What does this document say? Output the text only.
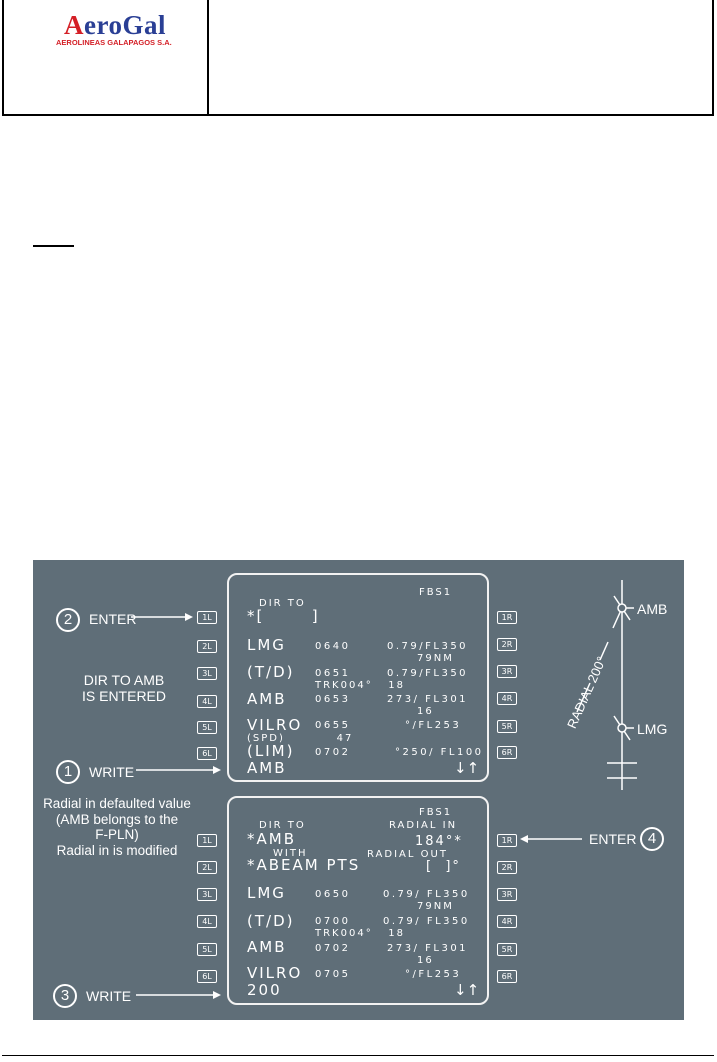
AeroGal
AEROLINEAS GALAPAGOS S.A.
2	ENTER
DIR TO AMB
IS ENTERED
1	WRITE
1L
2L
3L
4L
5L
6L
1R
2R
3R
4R
5R
6R
FBS1
DIR TO
*[       ]
LMG	0640	0.79/FL350
79NM
(T/D) 0651	0.79/FL350
TRK004°   18
AMB	0653	273/ FL301
16
VILRO 0655	°/FL253
(SPD)          47
(LIM) 0702	°250/ FL100
AMB	↓↑
Radial in defaulted value
(AMB belongs to the
F-PLN)
Radial in is modified
4
ENTER
3	WRITE
1L
2L
3L
4L
5L
6L
1R
2R
3R
4R
5R
6R
FBS1
DIR TO	RADIAL IN
*AMB	184°*
WITH	RADIAL OUT
*ABEAM PTS	[  ]°
LMG	0650	0.79/ FL350
79NM
(T/D) 0700	0.79/ FL350
TRK004°   18
AMB	0702	273/ FL301
16
VILRO 0705	°/FL253
200	↓↑
AMB
LMG
RADIAL 200°
